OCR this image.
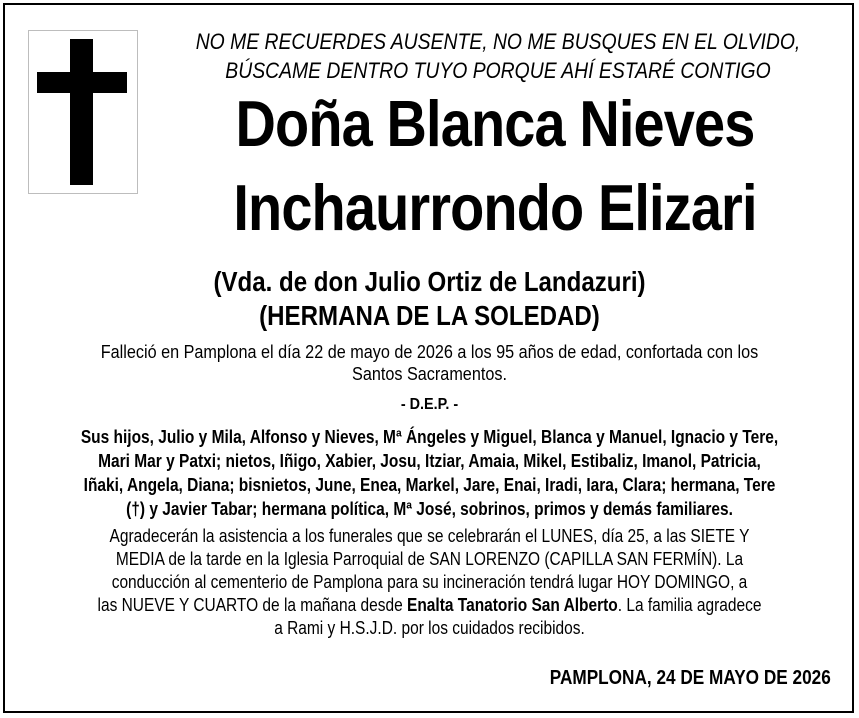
NO ME RECUERDES AUSENTE, NO ME BUSQUES EN EL OLVIDO,
BÚSCAME DENTRO TUYO PORQUE AHÍ ESTARÉ CONTIGO
Doña Blanca Nieves
Inchaurrondo Elizari
(Vda. de don Julio Ortiz de Landazuri)
(HERMANA DE LA SOLEDAD)
Falleció en Pamplona el día 22 de mayo de 2026 a los 95 años de edad, confortada con los
Santos Sacramentos.
- D.E.P. -
Sus hijos, Julio y Mila, Alfonso y Nieves, Mª Ángeles y Miguel, Blanca y Manuel, Ignacio y Tere,
Mari Mar y Patxi; nietos, Iñigo, Xabier, Josu, Itziar, Amaia, Mikel, Estibaliz, Imanol, Patricia,
Iñaki, Angela, Diana; bisnietos, June, Enea, Markel, Jare, Enai, Iradi, Iara, Clara; hermana, Tere
(†) y Javier Tabar; hermana política, Mª José, sobrinos, primos y demás familiares.
Agradecerán la asistencia a los funerales que se celebrarán el LUNES, día 25, a las SIETE Y
MEDIA de la tarde en la Iglesia Parroquial de SAN LORENZO (CAPILLA SAN FERMÍN). La
conducción al cementerio de Pamplona para su incineración tendrá lugar HOY DOMINGO, a
las NUEVE Y CUARTO de la mañana desde Enalta Tanatorio San Alberto. La familia agradece
a Rami y H.S.J.D. por los cuidados recibidos.
PAMPLONA, 24 DE MAYO DE 2026
